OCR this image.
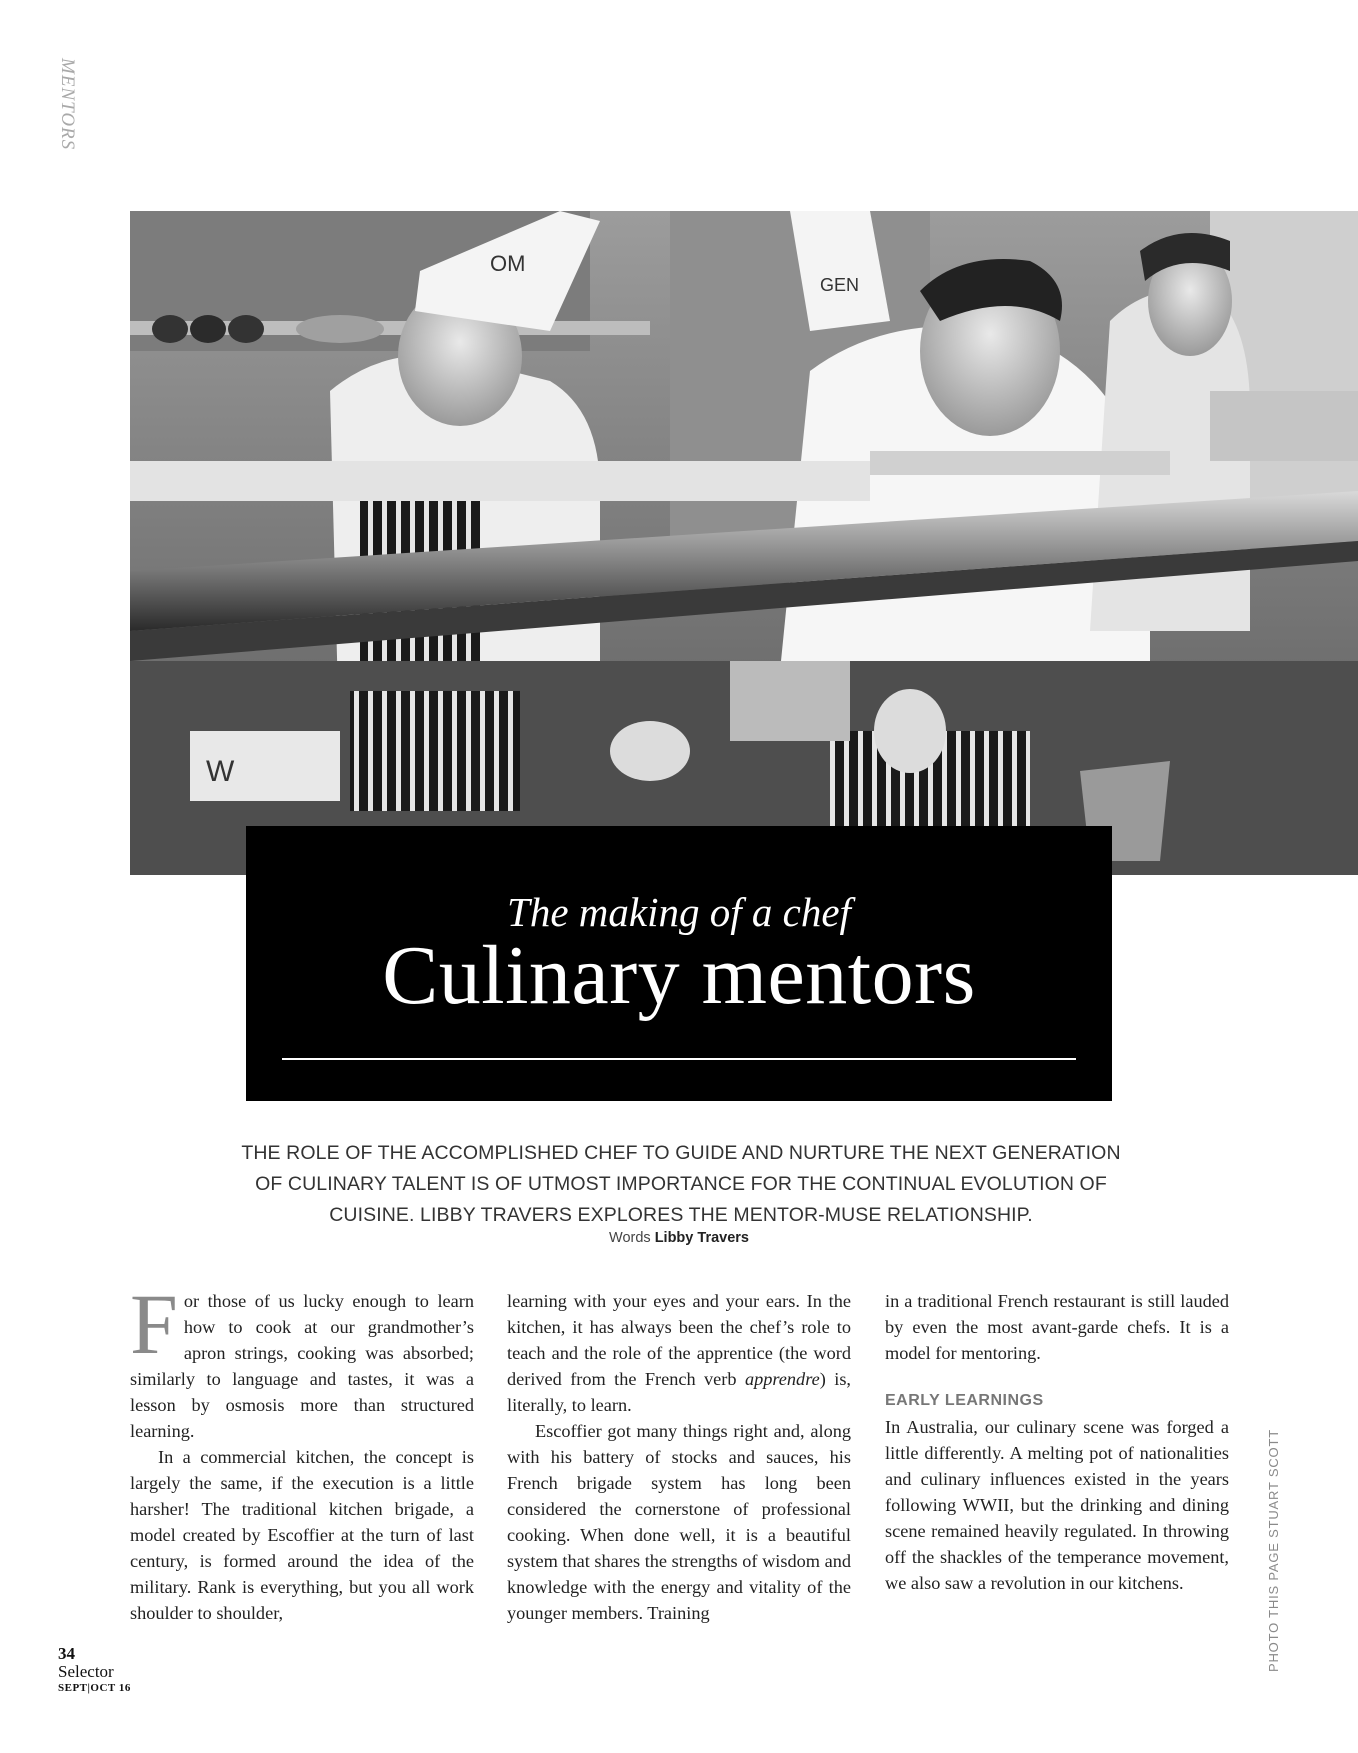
MENTORS
OM
GEN
W
The making of a chef
Culinary mentors
THE ROLE OF THE ACCOMPLISHED CHEF TO GUIDE AND NURTURE THE NEXT GENERATION OF CULINARY TALENT IS OF UTMOST IMPORTANCE FOR THE CONTINUAL EVOLUTION OF CUISINE. LIBBY TRAVERS EXPLORES THE MENTOR-MUSE RELATIONSHIP.
Words Libby Travers

For those of us lucky enough to learn how to cook at our grandmother’s apron strings, cooking was absorbed; similarly to language and tastes, it was a lesson by osmosis more than structured learning.

In a commercial kitchen, the concept is largely the same, if the execution is a little harsher! The traditional kitchen brigade, a model created by Escoffier at the turn of last century, is formed around the idea of the military. Rank is everything, but you all work shoulder to shoulder,

learning with your eyes and your ears. In the kitchen, it has always been the chef’s role to teach and the role of the apprentice (the word derived from the French verb apprendre) is, literally, to learn.

Escoffier got many things right and, along with his battery of stocks and sauces, his French brigade system has long been considered the cornerstone of professional cooking. When done well, it is a beautiful system that shares the strengths of wisdom and knowledge with the energy and vitality of the younger members. Training

in a traditional French restaurant is still lauded by even the most avant-garde chefs. It is a model for mentoring.

EARLY LEARNINGS

In Australia, our culinary scene was forged a little differently. A melting pot of nationalities and culinary influences existed in the years following WWII, but the drinking and dining scene remained heavily regulated. In throwing off the shackles of the temperance movement, we also saw a revolution in our kitchens.	PHOTO THIS PAGE STUART SCOTT
34
Selector
SEPT|OCT 16
